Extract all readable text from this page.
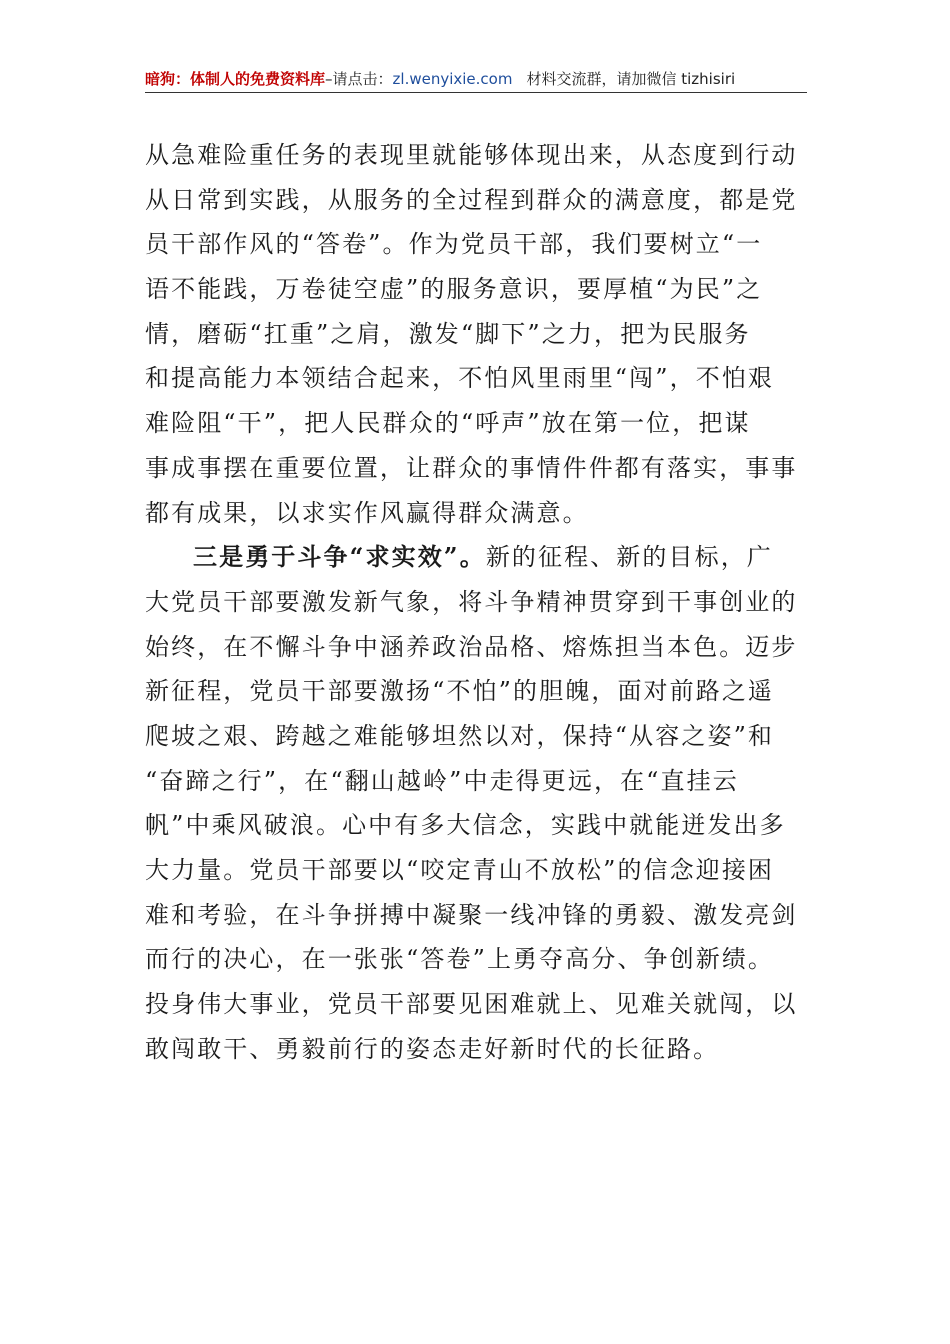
暗狗：体制人的免费资料库–请点击：zl.wenyixie.com 材料交流群，请加微信 tizhisiri

从急难险重任务的表现里就能够体现出来，从态度到行动
从日常到实践，从服务的全过程到群众的满意度，都是党
员干部作风的“答卷”。作为党员干部，我们要树立“一
语不能践，万卷徒空虚”的服务意识，要厚植“为民”之
情，磨砺“扛重”之肩，激发“脚下”之力，把为民服务
和提高能力本领结合起来，不怕风里雨里“闯”，不怕艰
难险阻“干”，把人民群众的“呼声”放在第一位，把谋
事成事摆在重要位置，让群众的事情件件都有落实，事事
都有成果，以求实作风赢得群众满意。

三是勇于斗争“求实效”。新的征程、新的目标，广
大党员干部要激发新气象，将斗争精神贯穿到干事创业的
始终，在不懈斗争中涵养政治品格、熔炼担当本色。迈步
新征程，党员干部要激扬“不怕”的胆魄，面对前路之遥
爬坡之艰、跨越之难能够坦然以对，保持“从容之姿”和
“奋蹄之行”，在“翻山越岭”中走得更远，在“直挂云
帆”中乘风破浪。心中有多大信念，实践中就能迸发出多
大力量。党员干部要以“咬定青山不放松”的信念迎接困
难和考验，在斗争拼搏中凝聚一线冲锋的勇毅、激发亮剑
而行的决心，在一张张“答卷”上勇夺高分、争创新绩。
投身伟大事业，党员干部要见困难就上、见难关就闯，以
敢闯敢干、勇毅前行的姿态走好新时代的长征路。
